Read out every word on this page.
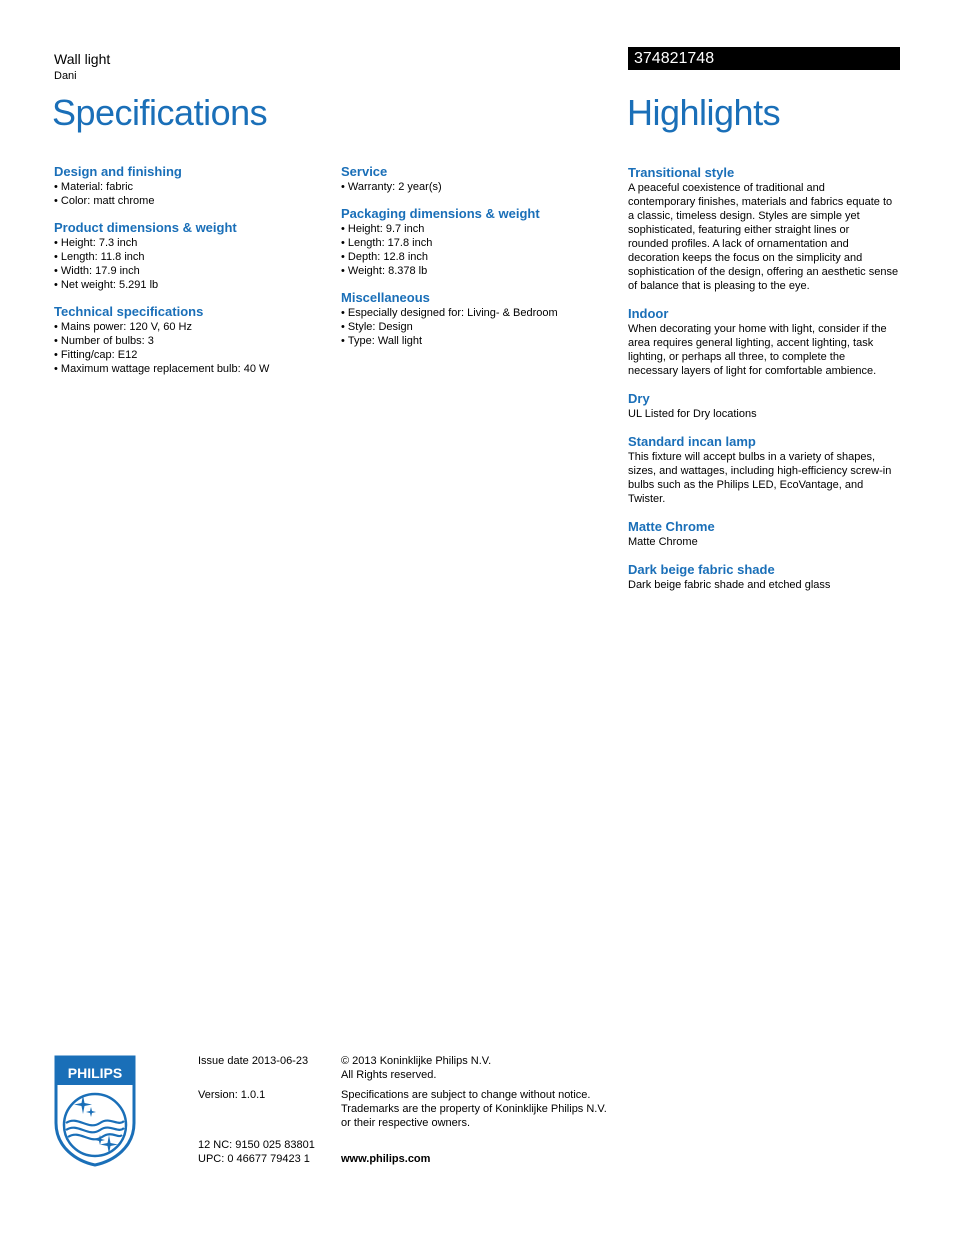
Wall light
Dani
Specifications
374821748
Highlights

Design and finishing

• Material: fabric
• Color: matt chrome

Product dimensions & weight

• Height: 7.3 inch
• Length: 11.8 inch
• Width: 17.9 inch
• Net weight: 5.291 lb

Technical specifications

• Mains power: 120 V, 60 Hz
• Number of bulbs: 3
• Fitting/cap: E12
• Maximum wattage replacement bulb: 40 W

Service

• Warranty: 2 year(s)

Packaging dimensions & weight

• Height: 9.7 inch
• Length: 17.8 inch
• Depth: 12.8 inch
• Weight: 8.378 lb

Miscellaneous

• Especially designed for: Living- & Bedroom
• Style: Design
• Type: Wall light

Transitional style

A peaceful coexistence of traditional and

contemporary finishes, materials and fabrics equate to

a classic, timeless design. Styles are simple yet

sophisticated, featuring either straight lines or

rounded profiles. A lack of ornamentation and

decoration keeps the focus on the simplicity and

sophistication of the design, offering an aesthetic sense

of balance that is pleasing to the eye.

Indoor

When decorating your home with light, consider if the

area requires general lighting, accent lighting, task

lighting, or perhaps all three, to complete the

necessary layers of light for comfortable ambience.

Dry

UL Listed for Dry locations

Standard incan lamp

This fixture will accept bulbs in a variety of shapes,

sizes, and wattages, including high-efficiency screw-in

bulbs such as the Philips LED, EcoVantage, and

Twister.

Matte Chrome

Matte Chrome

Dark beige fabric shade

Dark beige fabric shade and etched glass

PHILIPS

Issue date 2013-06-23

Version: 1.0.1

12 NC: 9150 025 83801

UPC: 0 46677 79423 1

© 2013 Koninklijke Philips N.V.

All Rights reserved.

Specifications are subject to change without notice.

Trademarks are the property of Koninklijke Philips N.V.

or their respective owners.

www.philips.com
